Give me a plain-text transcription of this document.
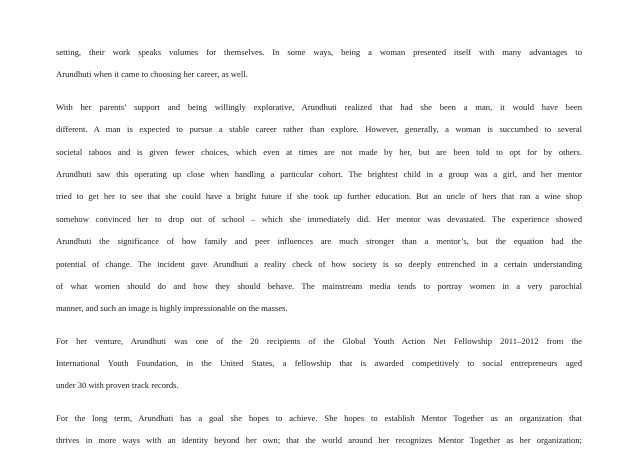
setting, their work speaks volumes for themselves. In some ways, being a woman presented itself with many advantages to
Arundhuti when it came to choosing her career, as well.
With her parents’ support and being willingly explorative, Arundhuti realized that had she been a man, it would have been
different. A man is expected to pursue a stable career rather than explore. However, generally, a woman is succumbed to several
societal taboos and is given fewer choices, which even at times are not made by her, but are been told to opt for by others.
Arundhuti saw this operating up close when handling a particular cohort. The brightest child in a group was a girl, and her mentor
tried to get her to see that she could have a bright future if she took up further education. But an uncle of hers that ran a wine shop
somehow convinced her to drop out of school – which she immediately did. Her mentor was devastated. The experience showed
Arundhuti the significance of how family and peer influences are much stronger than a mentor’s, but the equation had the
potential of change. The incident gave Arundhuti a reality check of how society is so deeply entrenched in a certain understanding
of what women should do and how they should behave. The mainstream media tends to portray women in a very parochial
manner, and such an image is highly impressionable on the masses.
For her venture, Arundhuti was one of the 20 recipients of the Global Youth Action Net Fellowship 2011–2012 from the
International Youth Foundation, in the United States, a fellowship that is awarded competitively to social entrepreneurs aged
under 30 with proven track records.
For the long term, Arundhati has a goal she hopes to achieve. She hopes to establish Mentor Together as an organization that
thrives in more ways with an identity beyond her own; that the world around her recognizes Mentor Together as her organization;
